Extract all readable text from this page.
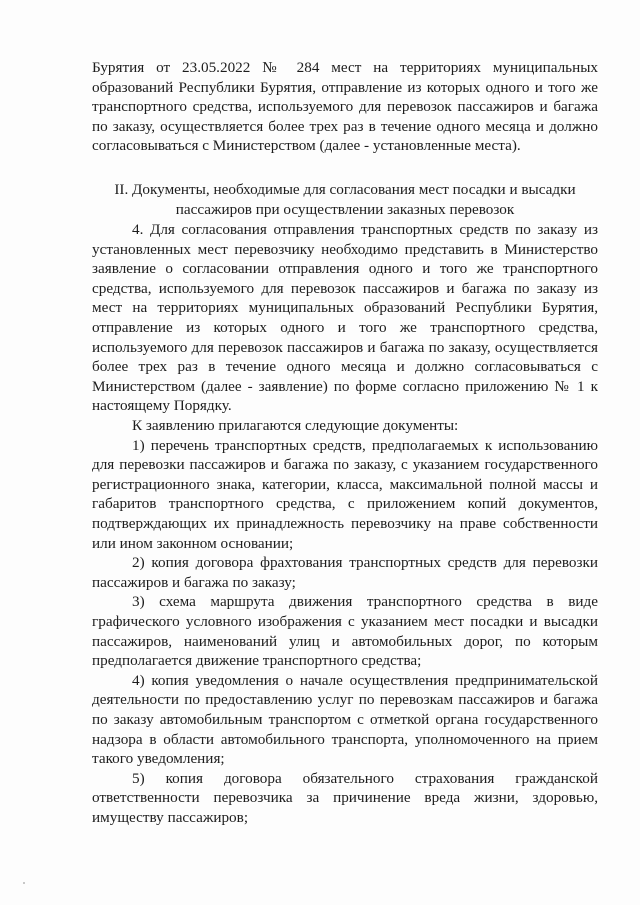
Бурятия от 23.05.2022 № 284 мест на территориях муниципальных образований Республики Бурятия, отправление из которых одного и того же транспортного средства, используемого для перевозок пассажиров и багажа по заказу, осуществляется более трех раз в течение одного месяца и должно согласовываться с Министерством (далее - установленные места).

II. Документы, необходимые для согласования мест посадки и высадки пассажиров при осуществлении заказных перевозок

4. Для согласования отправления транспортных средств по заказу из установленных мест перевозчику необходимо представить в Министерство заявление о согласовании отправления одного и того же транспортного средства, используемого для перевозок пассажиров и багажа по заказу из мест на территориях муниципальных образований Республики Бурятия, отправление из которых одного и того же транспортного средства, используемого для перевозок пассажиров и багажа по заказу, осуществляется более трех раз в течение одного месяца и должно согласовываться с Министерством (далее - заявление) по форме согласно приложению № 1 к настоящему Порядку.

К заявлению прилагаются следующие документы:

1) перечень транспортных средств, предполагаемых к использованию для перевозки пассажиров и багажа по заказу, с указанием государственного регистрационного знака, категории, класса, максимальной полной массы и габаритов транспортного средства, с приложением копий документов, подтверждающих их принадлежность перевозчику на праве собственности или ином законном основании;

2) копия договора фрахтования транспортных средств для перевозки пассажиров и багажа по заказу;

3) схема маршрута движения транспортного средства в виде графического условного изображения с указанием мест посадки и высадки пассажиров, наименований улиц и автомобильных дорог, по которым предполагается движение транспортного средства;

4) копия уведомления о начале осуществления предпринимательской деятельности по предоставлению услуг по перевозкам пассажиров и багажа по заказу автомобильным транспортом с отметкой органа государственного надзора в области автомобильного транспорта, уполномоченного на прием такого уведомления;

5) копия договора обязательного страхования гражданской ответственности перевозчика за причинение вреда жизни, здоровью, имуществу пассажиров;
